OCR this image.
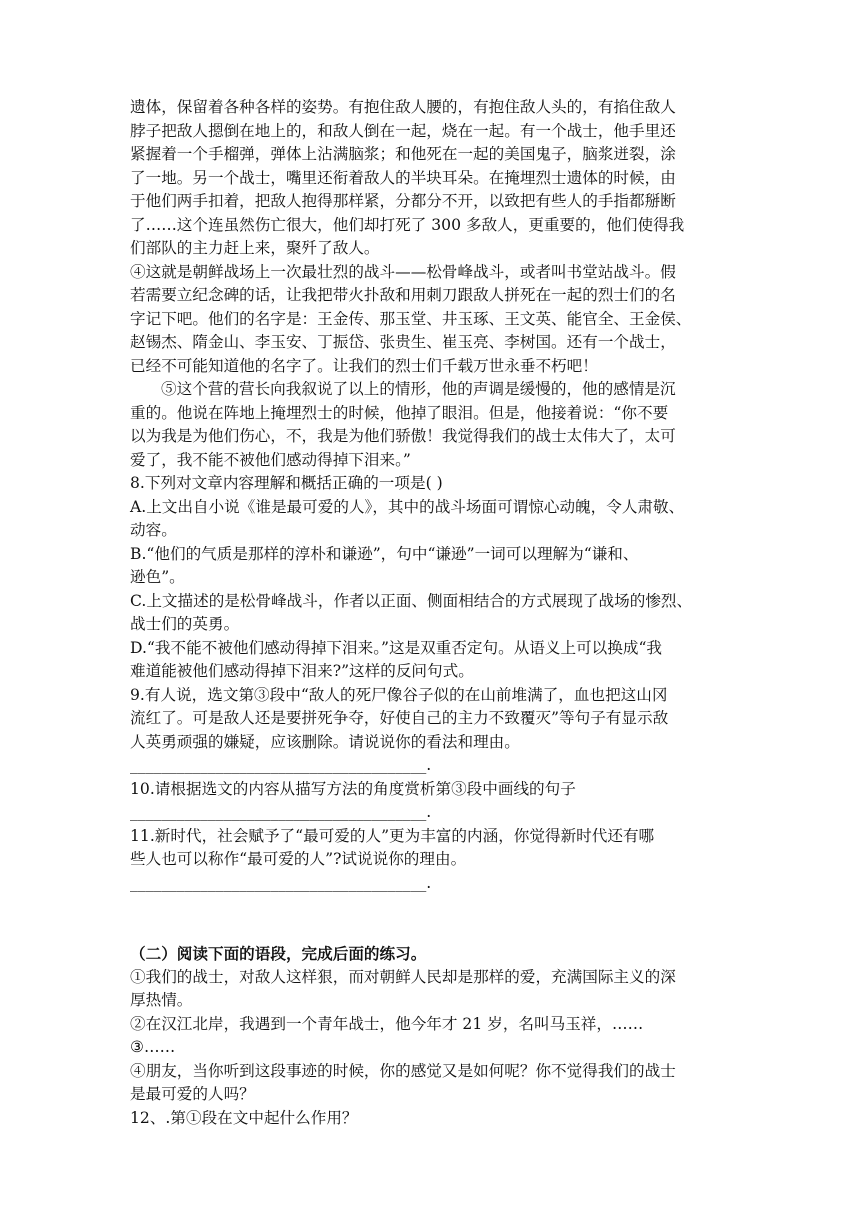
遗体，保留着各种各样的姿势。有抱住敌人腰的，有抱住敌人头的，有掐住敌人

脖子把敌人摁倒在地上的，和敌人倒在一起，烧在一起。有一个战士，他手里还

紧握着一个手榴弹，弹体上沾满脑浆；和他死在一起的美国鬼子，脑浆迸裂，涂

了一地。另一个战士，嘴里还衔着敌人的半块耳朵。在掩埋烈士遗体的时候，由

于他们两手扣着，把敌人抱得那样紧，分都分不开，以致把有些人的手指都掰断

了……这个连虽然伤亡很大，他们却打死了 300 多敌人，更重要的，他们使得我

们部队的主力赶上来，聚歼了敌人。

④这就是朝鲜战场上一次最壮烈的战斗——松骨峰战斗，或者叫书堂站战斗。假

若需要立纪念碑的话，让我把带火扑敌和用刺刀跟敌人拼死在一起的烈士们的名

字记下吧。他们的名字是：王金传、那玉堂、井玉琢、王文英、能官全、王金侯、

赵锡杰、隋金山、李玉安、丁振岱、张贵生、崔玉亮、李树国。还有一个战士，

已经不可能知道他的名字了。让我们的烈士们千载万世永垂不朽吧！

⑤这个营的营长向我叙说了以上的情形，他的声调是缓慢的，他的感情是沉

重的。他说在阵地上掩埋烈士的时候，他掉了眼泪。但是，他接着说：“你不要

以为我是为他们伤心，不，我是为他们骄傲！我觉得我们的战士太伟大了，太可

爱了，我不能不被他们感动得掉下泪来。”

8.下列对文章内容理解和概括正确的一项是( )

A.上文出自小说《谁是最可爱的人》，其中的战斗场面可谓惊心动魄，令人肃敬、

动容。

B.“他们的气质是那样的淳朴和谦逊”，句中“谦逊”一词可以理解为“谦和、

逊色”。

C.上文描述的是松骨峰战斗，作者以正面、侧面相结合的方式展现了战场的惨烈、

战士们的英勇。

D.“我不能不被他们感动得掉下泪来。”这是双重否定句。从语义上可以换成“我

难道能被他们感动得掉下泪来?”这样的反问句式。

9.有人说，选文第③段中“敌人的死尸像谷子似的在山前堆满了，血也把这山冈

流红了。可是敌人还是要拼死争夺，好使自己的主力不致覆灭”等句子有显示敌

人英勇顽强的嫌疑，应该删除。请说说你的看法和理由。

______________________________________.

10.请根据选文的内容从描写方法的角度赏析第③段中画线的句子

______________________________________.

11.新时代，社会赋予了“最可爱的人”更为丰富的内涵，你觉得新时代还有哪

些人也可以称作“最可爱的人”?试说说你的理由。

______________________________________.

（二）阅读下面的语段，完成后面的练习。

①我们的战士，对敌人这样狠，而对朝鲜人民却是那样的爱，充满国际主义的深

厚热情。

②在汉江北岸，我遇到一个青年战士，他今年才 21 岁，名叫马玉祥，……

③……

④朋友，当你听到这段事迹的时候，你的感觉又是如何呢？你不觉得我们的战士

是最可爱的人吗？

12、.第①段在文中起什么作用？
